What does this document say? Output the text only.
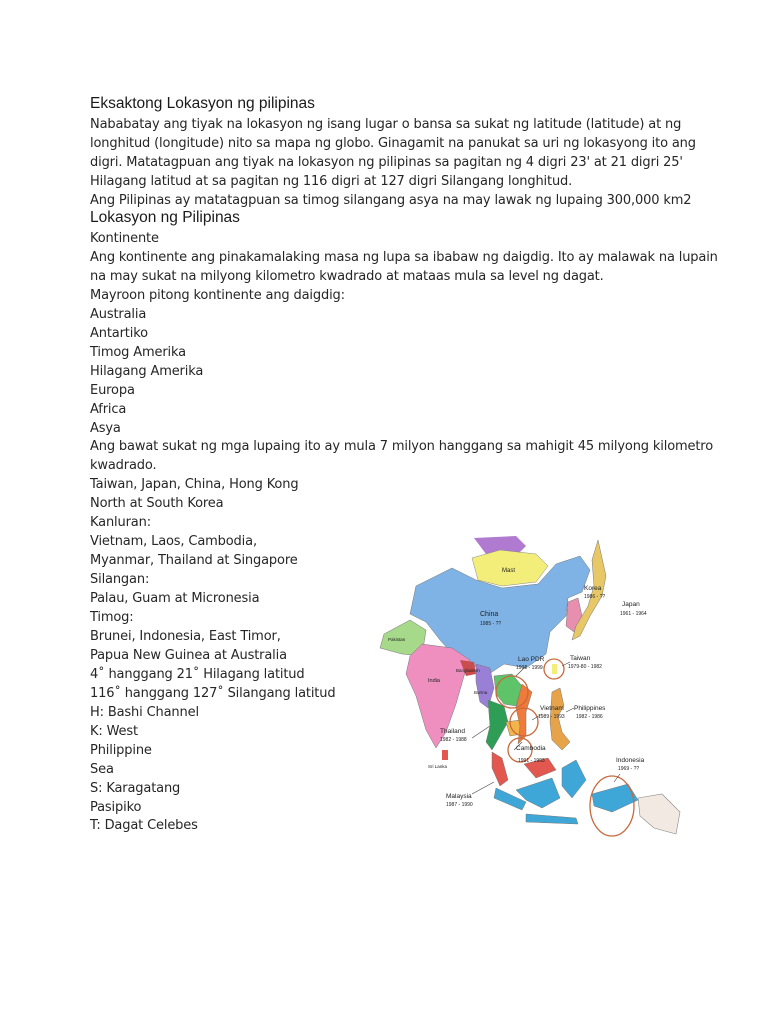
Eksaktong Lokasyon ng pilipinas
Nababatay ang tiyak na lokasyon ng isang lugar o bansa sa sukat ng latitude (latitude) at ng
longhitud (longitude) nito sa mapa ng globo. Ginagamit na panukat sa uri ng lokasyong ito ang
digri. Matatagpuan ang tiyak na lokasyon ng pilipinas sa pagitan ng 4 digri 23' at 21 digri 25'
Hilagang latitud at sa pagitan ng 116 digri at 127 digri Silangang longhitud.
Ang Pilipinas ay matatagpuan sa timog silangang asya na may lawak ng lupaing 300,000 km2
Lokasyon ng Pilipinas
Kontinente
Ang kontinente ang pinakamalaking masa ng lupa sa ibabaw ng daigdig. Ito ay malawak na lupain
na may sukat na milyong kilometro kwadrado at mataas mula sa level ng dagat.
Mayroon pitong kontinente ang daigdig:
Australia
Antartiko
Timog Amerika
Hilagang Amerika
Europa
Africa
Asya
Ang bawat sukat ng mga lupaing ito ay mula 7 milyon hanggang sa mahigit 45 milyong kilometro
kwadrado.
Taiwan, Japan, China, Hong Kong
North at South Korea
Kanluran:
Vietnam, Laos, Cambodia,
Myanmar, Thailand at Singapore
Silangan:
Palau, Guam at Micronesia
Timog:
Brunei, Indonesia, East Timor,
Papua New Guinea at Australia
4˚ hanggang 21˚ Hilagang latitud
116˚ hanggang 127˚ Silangang latitud
H: Bashi Channel
K: West
Philippine
Sea
S: Karagatang
Pasipiko
T: Dagat Celebes
Mast
China
1985 - ??
Korea
1986 - ??
Japan
1961 - 1964
Pakistan
India
Bangladesh
Burma
Lao PDR
1992 - 1999
Taiwan
1979-80 - 1982
Vietnam
1989 - 1993
Philippines
1982 - 1986
Thailand
1982 - 1988
Cambodia
1991 - 1993
Sri Lanka
Malaysia
1987 - 1990
Indonesia
1969 - ??
